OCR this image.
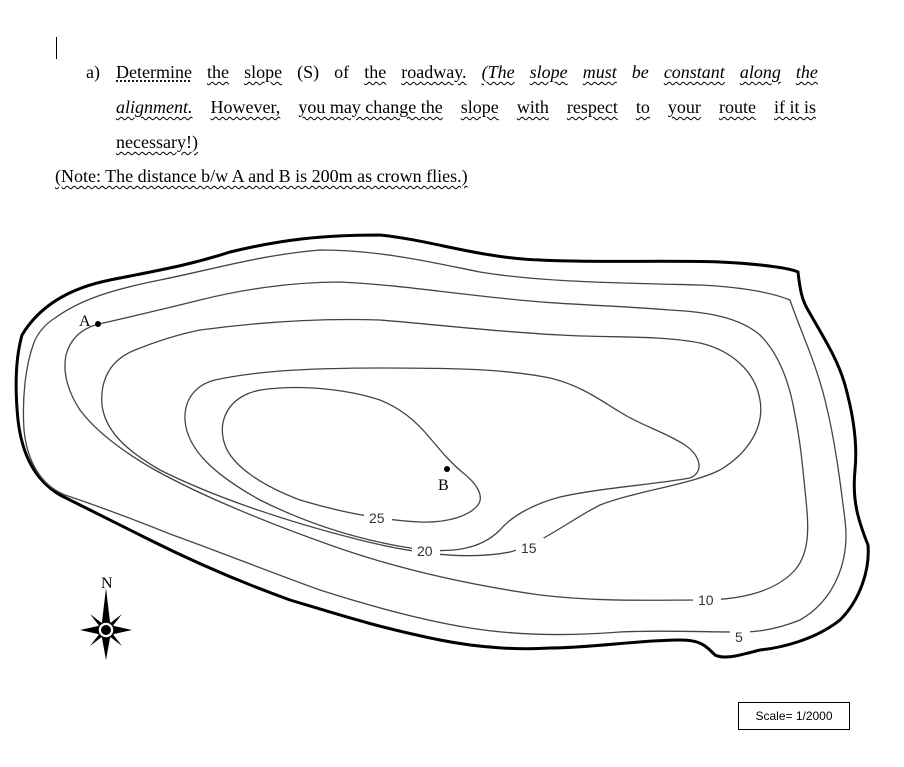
a) Determine the slope (S) of the roadway. (The slope must be constant along the
alignment. However, you may change the slope with respect to your route if it is
necessary!)
(Note: The distance b/w A and B is 200m as crown flies.)
25
20	15
10
5
A
B
N
Scale= 1/2000
